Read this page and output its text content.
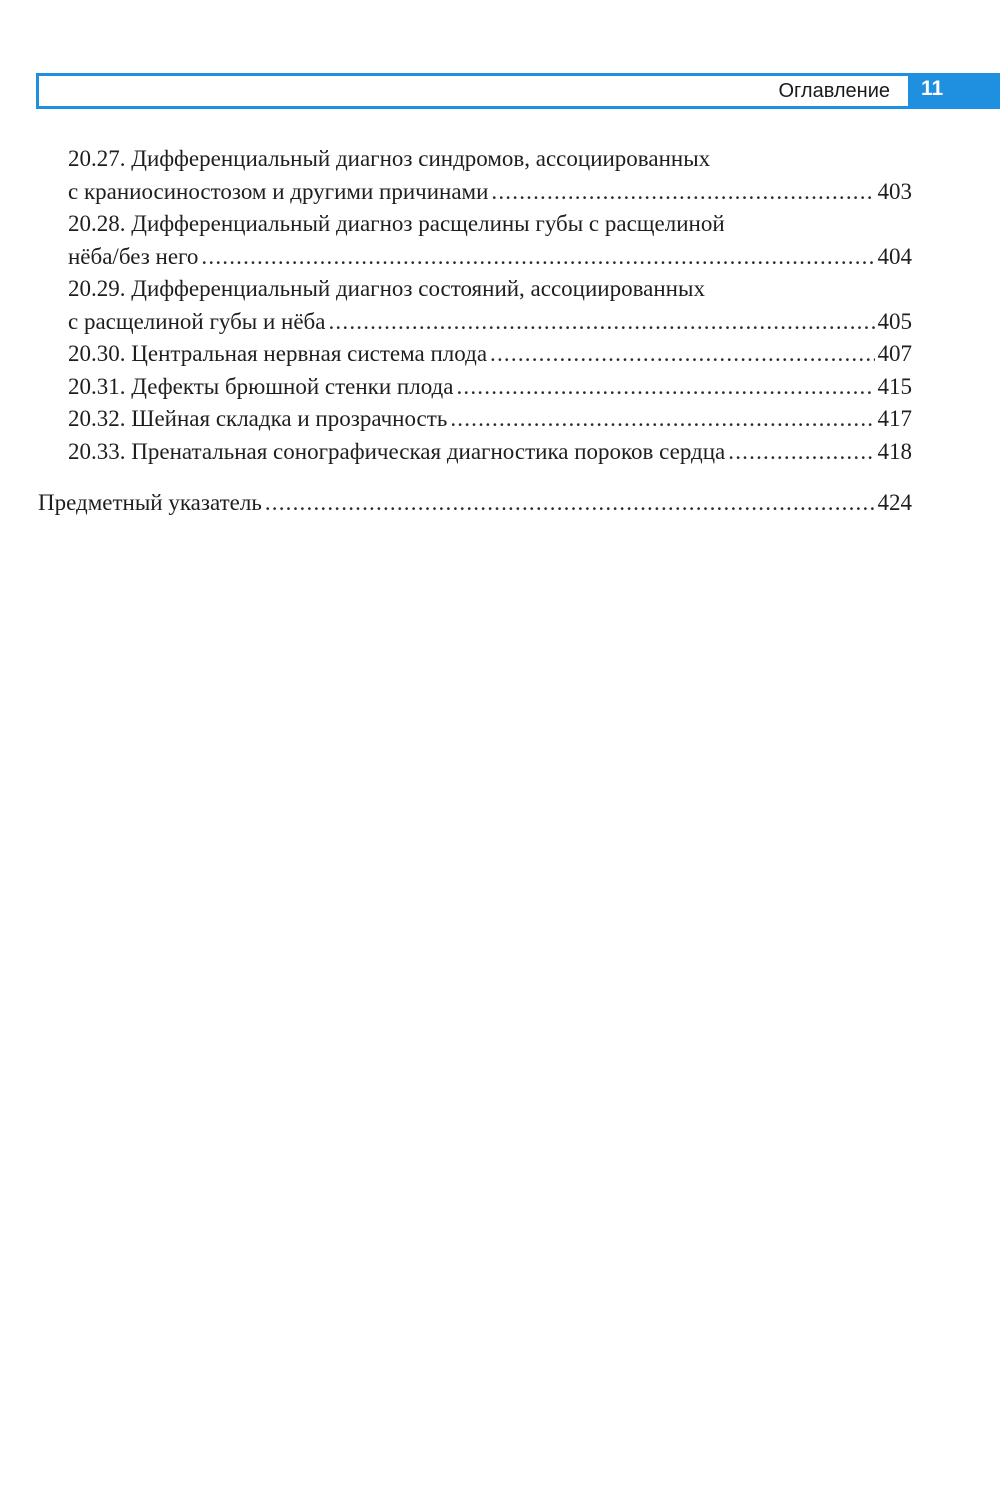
Оглавление 11
20.27. Дифференциальный диагноз синдромов, ассоциированных
с краниосиностозом и другими причинами .....	403
20.28. Дифференциальный диагноз расщелины губы с расщелиной
нёба/без него .....	404
20.29. Дифференциальный диагноз состояний, ассоциированных
с расщелиной губы и нёба .....	405
20.30. Центральная нервная система плода .....	407
20.31. Дефекты брюшной стенки плода .....	415
20.32. Шейная складка и прозрачность .....	417
20.33. Пренатальная сонографическая диагностика пороков сердца .....	418
Предметный указатель .....	424
